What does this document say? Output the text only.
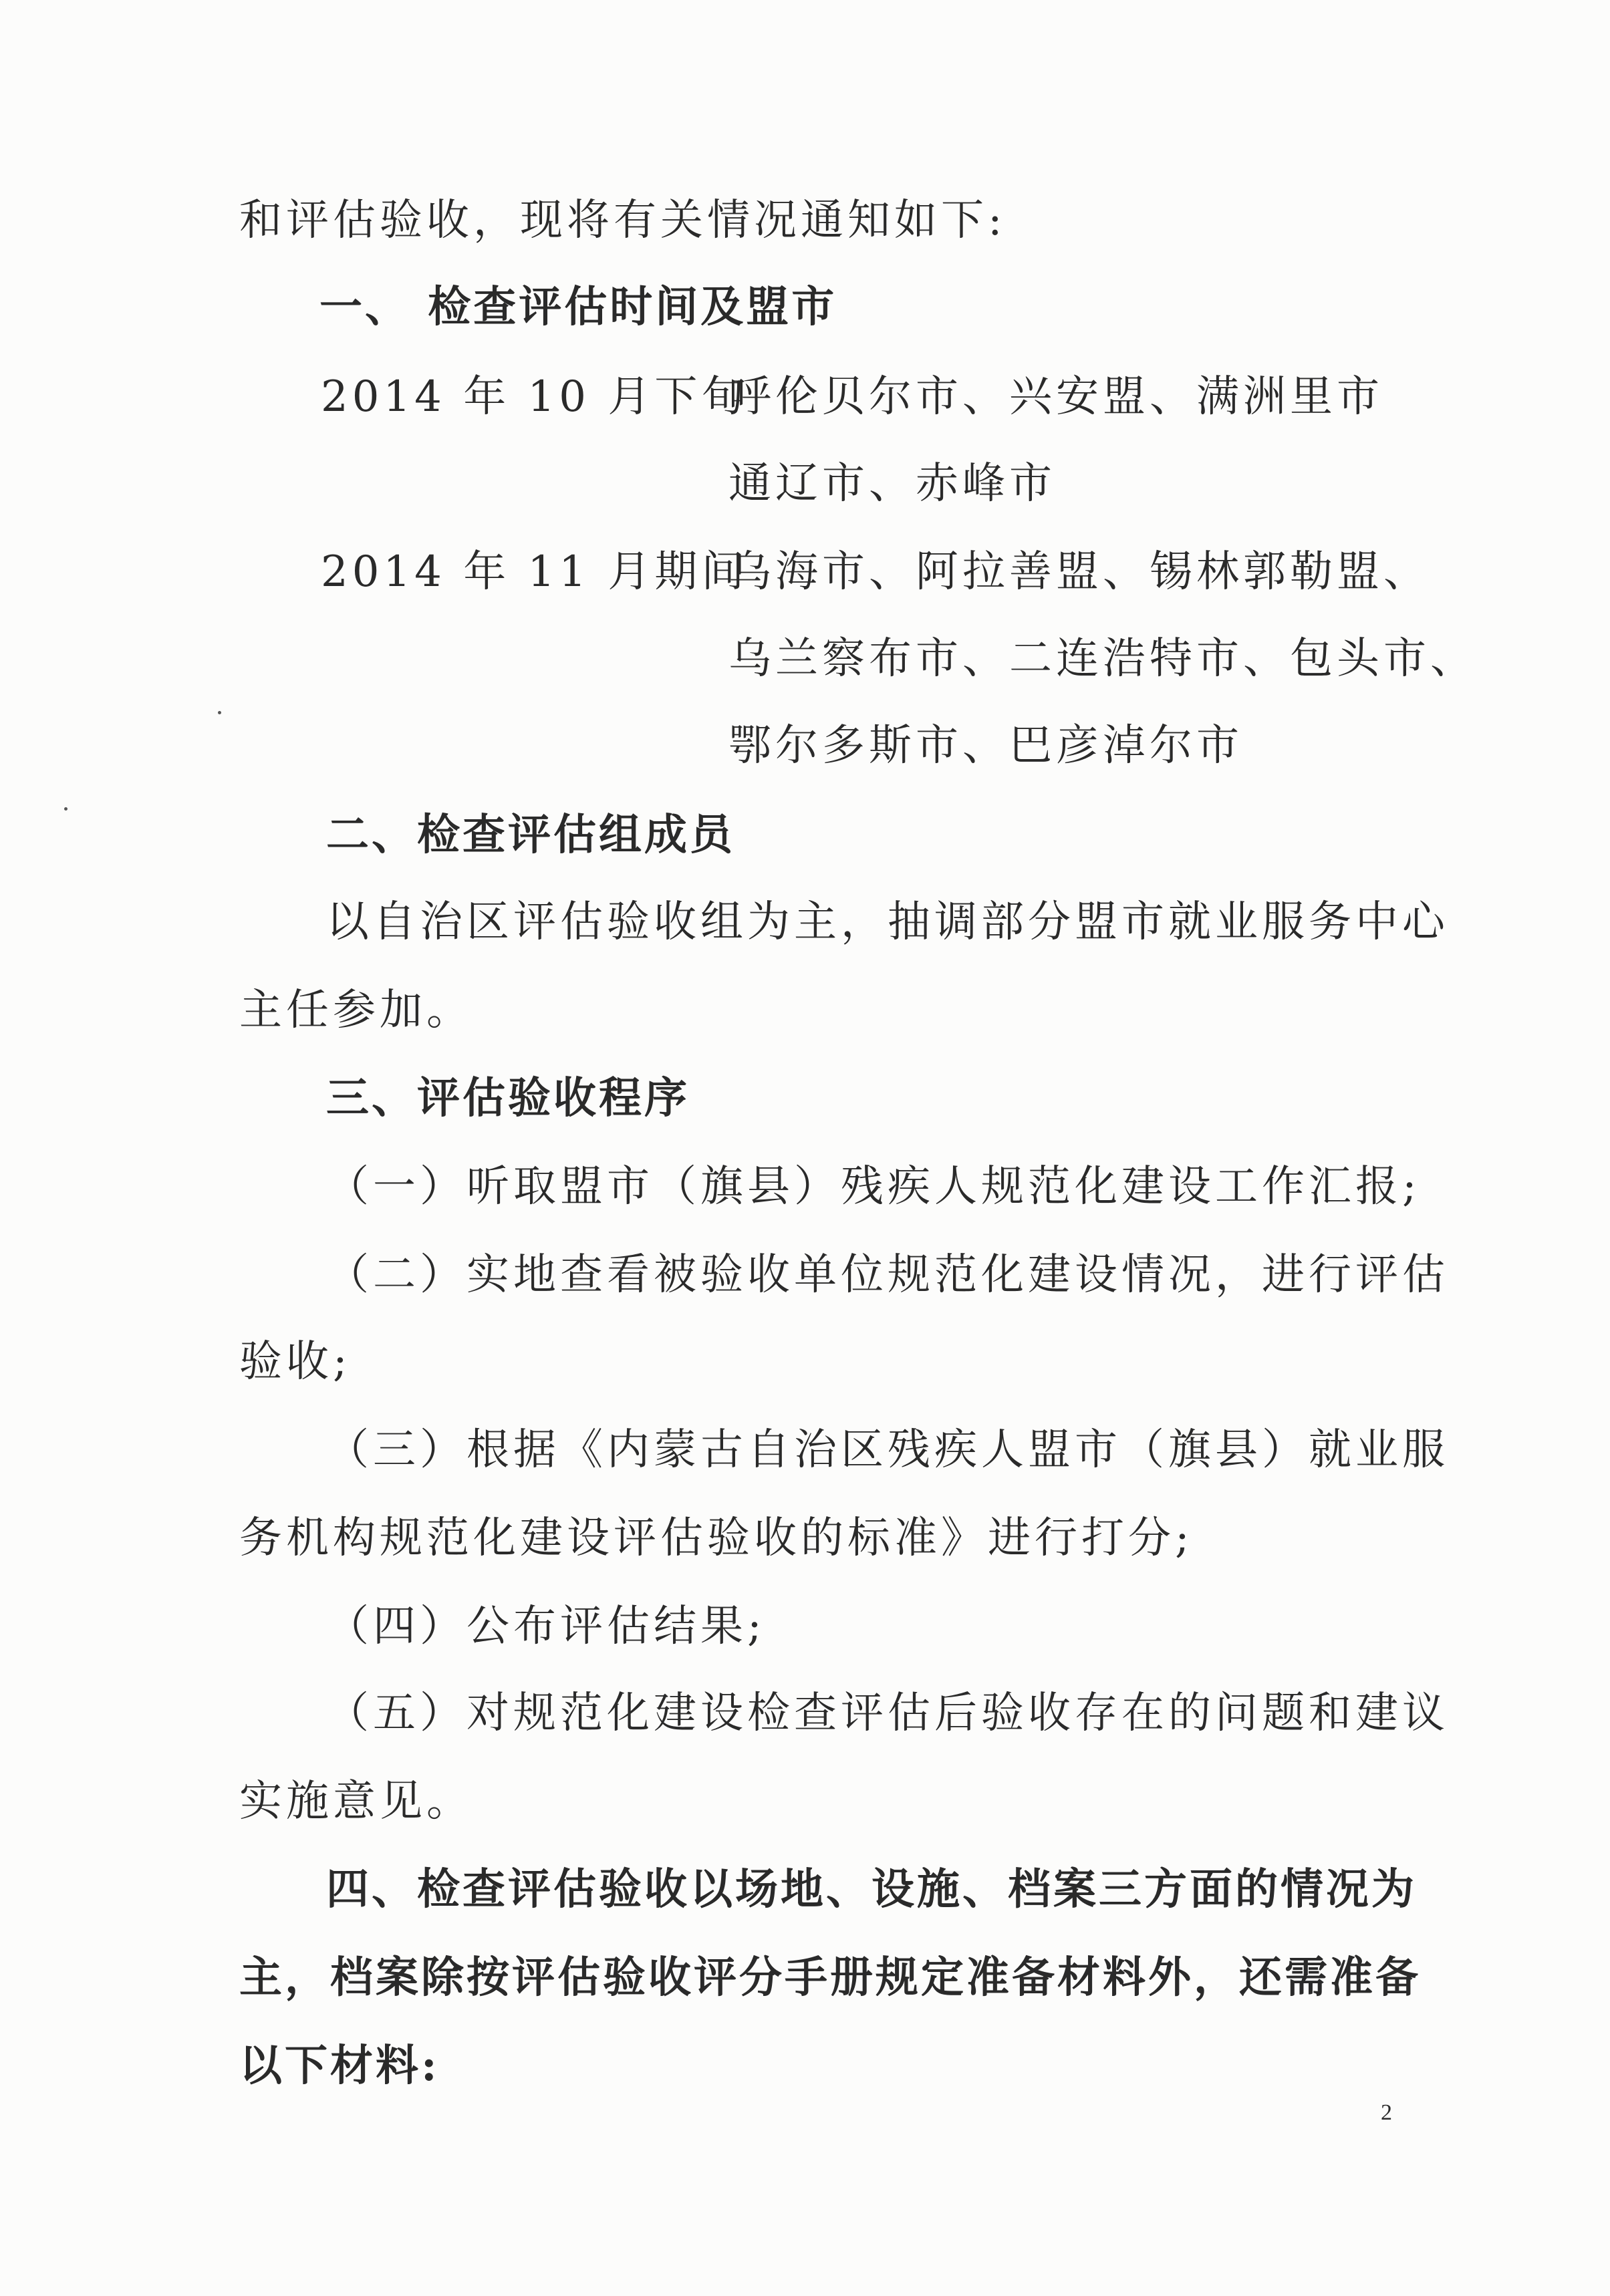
和评估验收，现将有关情况通知如下:
一、 检查评估时间及盟市
2014 年 10 月下旬
呼伦贝尔市、兴安盟、满洲里市
通辽市、赤峰市
2014 年 11 月期间
乌海市、阿拉善盟、锡林郭勒盟、
乌兰察布市、二连浩特市、包头市、
鄂尔多斯市、巴彦淖尔市
二、检查评估组成员
以自治区评估验收组为主，抽调部分盟市就业服务中心
主任参加。
三、评估验收程序
（一）听取盟市（旗县）残疾人规范化建设工作汇报;
（二）实地查看被验收单位规范化建设情况，进行评估
验收;
（三）根据《内蒙古自治区残疾人盟市（旗县）就业服
务机构规范化建设评估验收的标准》进行打分;
（四）公布评估结果;
（五）对规范化建设检查评估后验收存在的问题和建议
实施意见。
四、检查评估验收以场地、设施、档案三方面的情况为
主，档案除按评估验收评分手册规定准备材料外，还需准备
以下材料:
2
